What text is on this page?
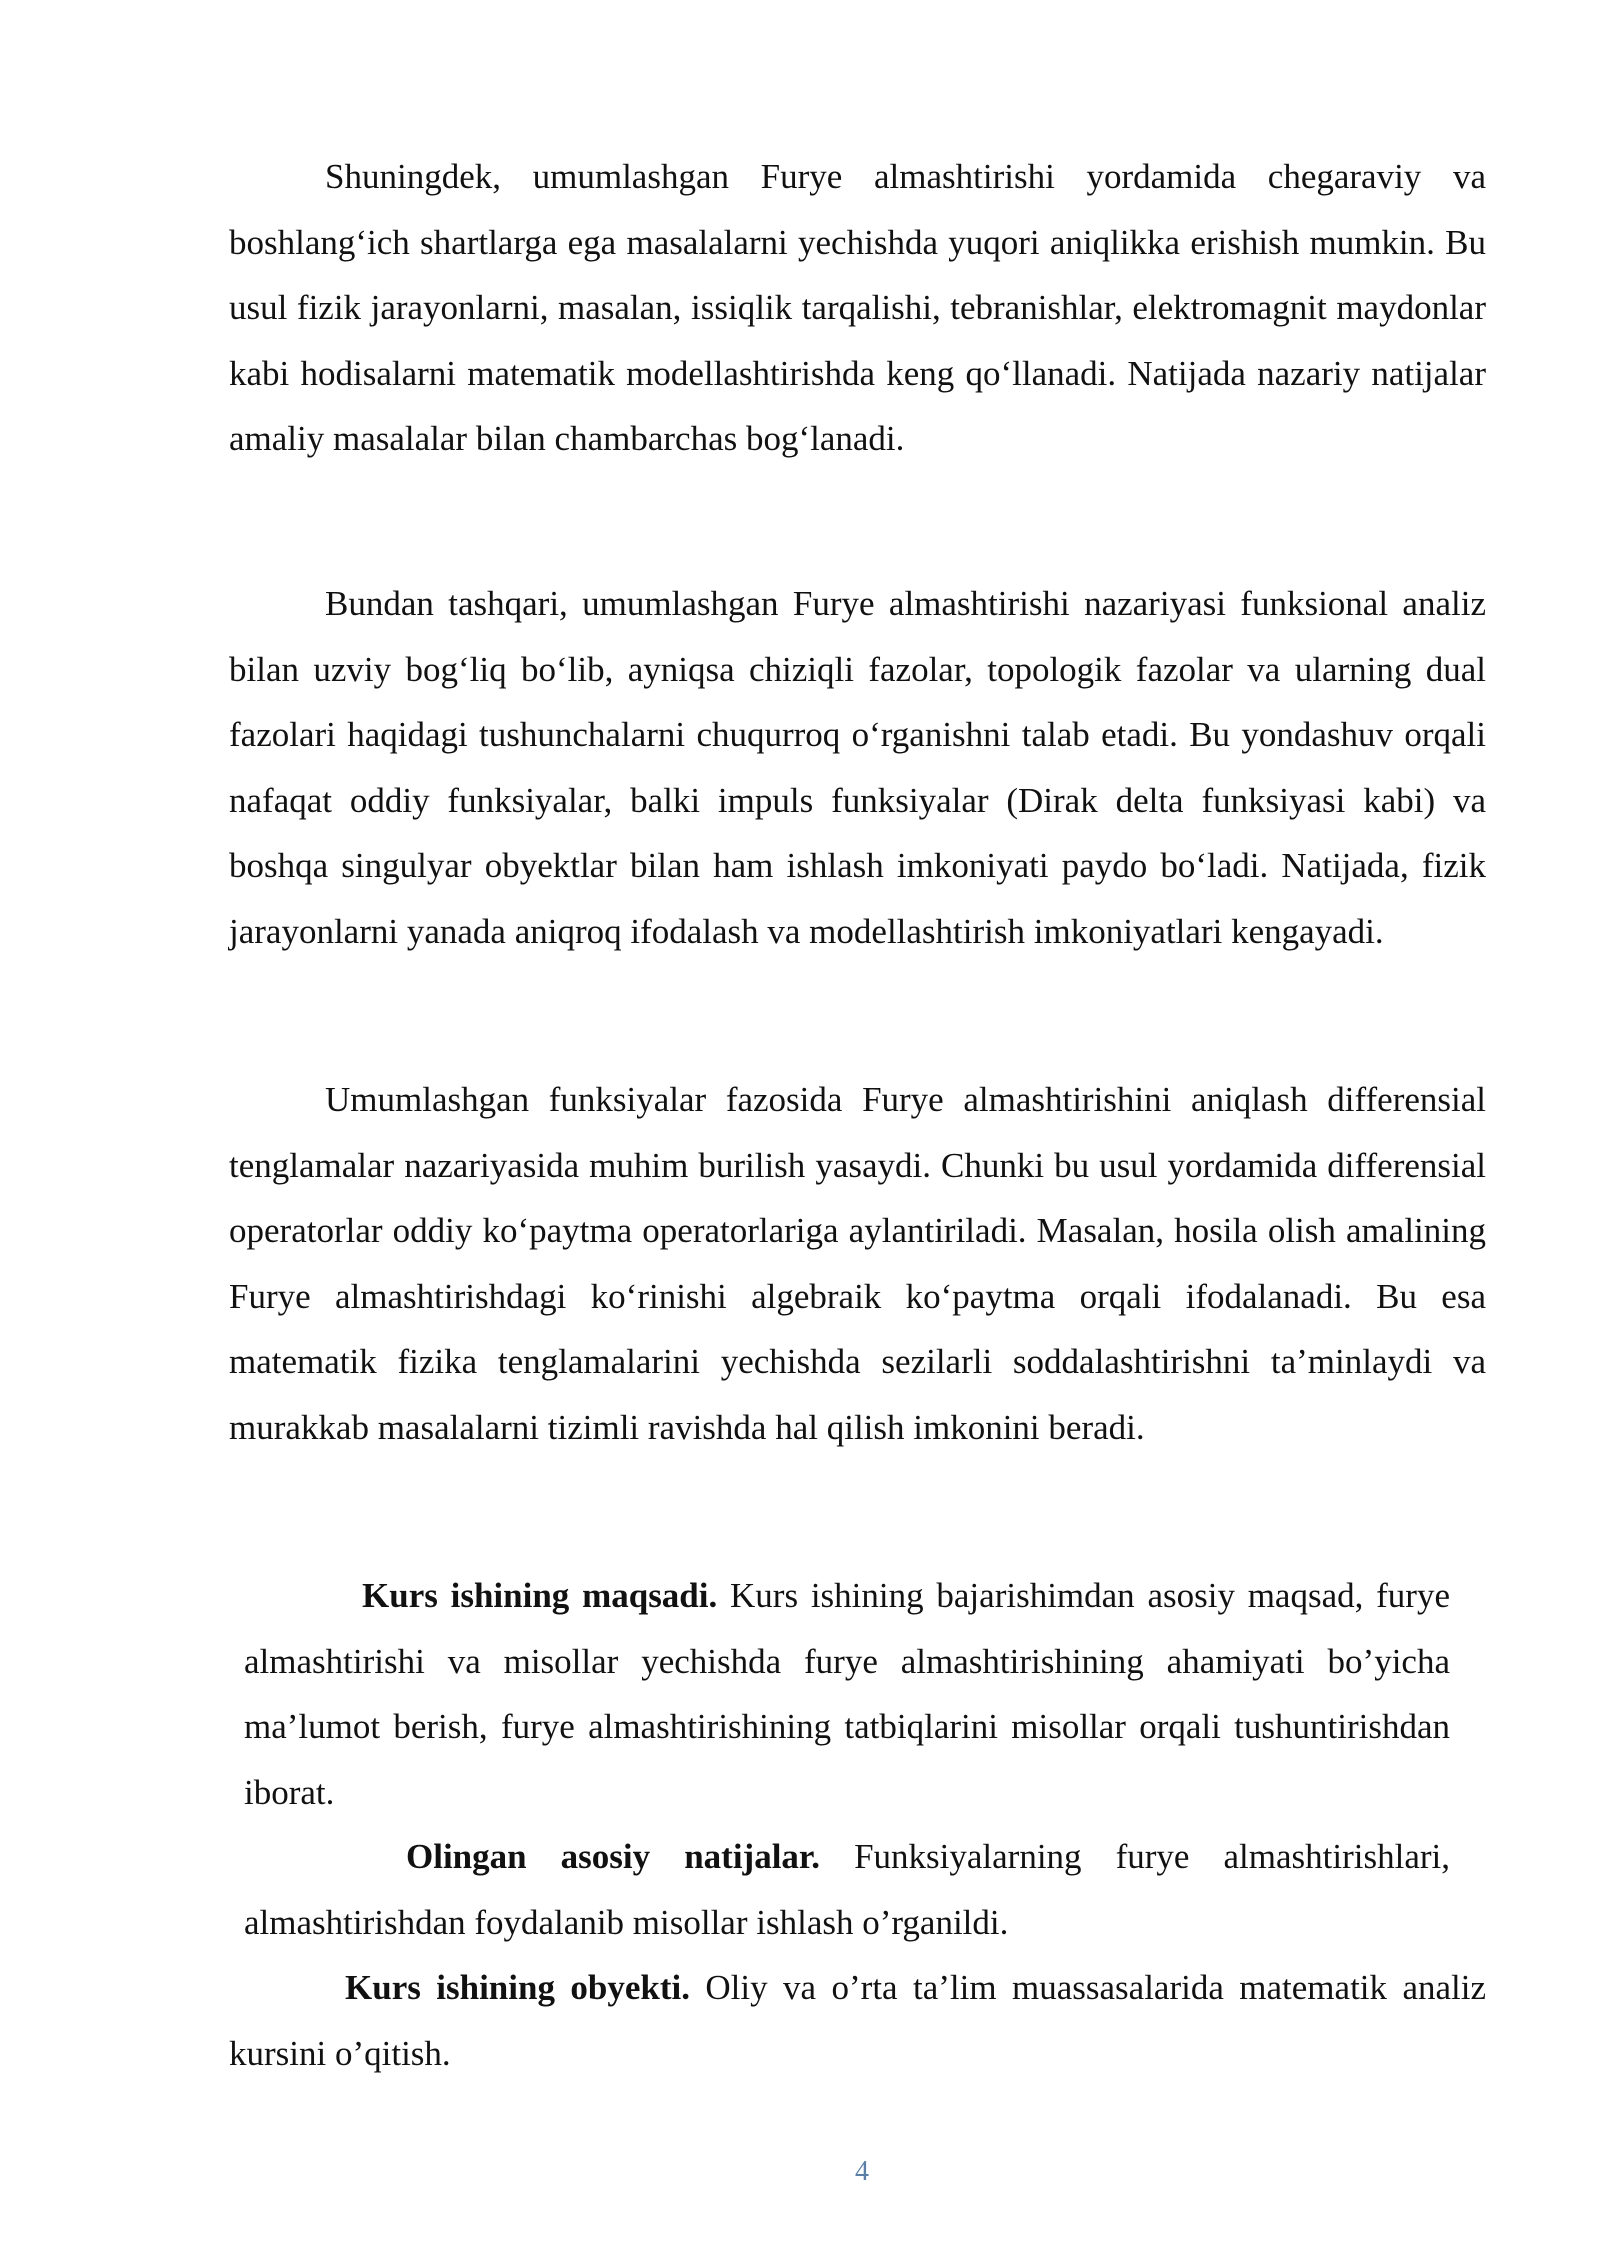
Shuningdek, umumlashgan Furye almashtirishi yordamida chegaraviy va boshlang‘ich shartlarga ega masalalarni yechishda yuqori aniqlikka erishish mumkin. Bu usul fizik jarayonlarni, masalan, issiqlik tarqalishi, tebranishlar, elektromagnit maydonlar kabi hodisalarni matematik modellashtirishda keng qo‘llanadi. Natijada nazariy natijalar amaliy masalalar bilan chambarchas bog‘lanadi.

Bundan tashqari, umumlashgan Furye almashtirishi nazariyasi funksional analiz bilan uzviy bog‘liq bo‘lib, ayniqsa chiziqli fazolar, topologik fazolar va ularning dual fazolari haqidagi tushunchalarni chuqurroq o‘rganishni talab etadi. Bu yondashuv orqali nafaqat oddiy funksiyalar, balki impuls funksiyalar (Dirak delta funksiyasi kabi) va boshqa singulyar obyektlar bilan ham ishlash imkoniyati paydo bo‘ladi. Natijada, fizik jarayonlarni yanada aniqroq ifodalash va modellashtirish imkoniyatlari kengayadi.

Umumlashgan funksiyalar fazosida Furye almashtirishini aniqlash differensial tenglamalar nazariyasida muhim burilish yasaydi. Chunki bu usul yordamida differensial operatorlar oddiy ko‘paytma operatorlariga aylantiriladi. Masalan, hosila olish amalining Furye almashtirishdagi ko‘rinishi algebraik ko‘paytma orqali ifodalanadi. Bu esa matematik fizika tenglamalarini yechishda sezilarli soddalashtirishni ta’minlaydi va murakkab masalalarni tizimli ravishda hal qilish imkonini beradi.

Kurs ishining maqsadi. Kurs ishining bajarishimdan asosiy maqsad, furye almashtirishi va misollar yechishda furye almashtirishining ahamiyati bo’yicha ma’lumot berish, furye almashtirishining tatbiqlarini misollar orqali tushuntirishdan iborat.

Olingan asosiy natijalar. Funksiyalarning furye almashtirishlari, almashtirishdan foydalanib misollar ishlash o’rganildi.

Kurs ishining obyekti. Oliy va o’rta ta’lim muassasalarida matematik analiz kursini o’qitish.

4
